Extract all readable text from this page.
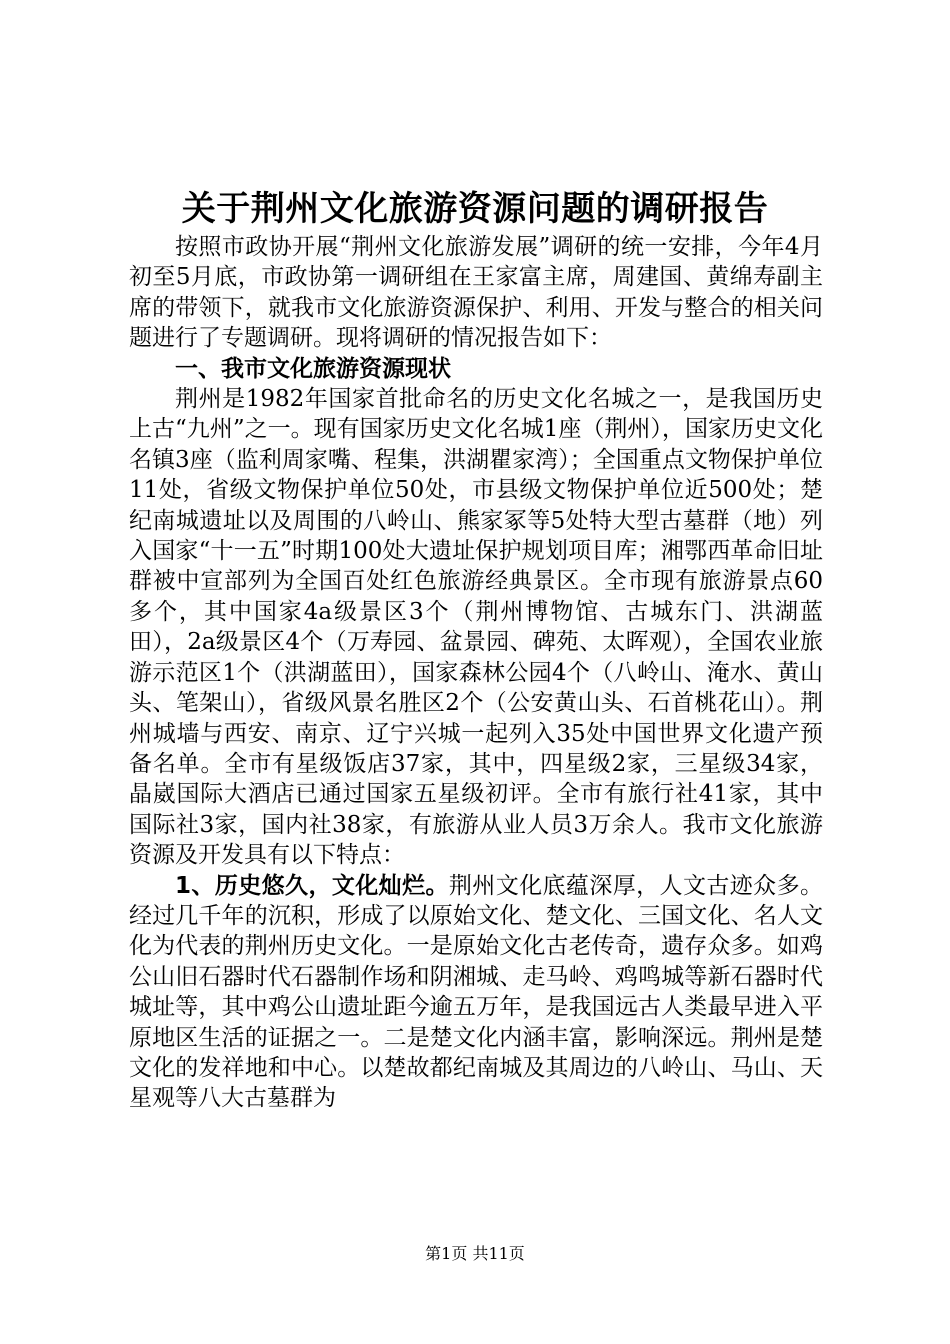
关于荆州文化旅游资源问题的调研报告

按照市政协开展“荆州文化旅游发展”调研的统一安排，今年4月初至5月底，市政协第一调研组在王家富主席，周建国、黄绵寿副主席的带领下，就我市文化旅游资源保护、利用、开发与整合的相关问题进行了专题调研。现将调研的情况报告如下：

一、我市文化旅游资源现状

荆州是1982年国家首批命名的历史文化名城之一，是我国历史上古“九州”之一。现有国家历史文化名城1座（荆州），国家历史文化名镇3座（监利周家嘴、程集，洪湖瞿家湾）；全国重点文物保护单位11处，省级文物保护单位50处，市县级文物保护单位近500处；楚纪南城遗址以及周围的八岭山、熊家冢等5处特大型古墓群（地）列入国家“十一五”时期100处大遗址保护规划项目库；湘鄂西革命旧址群被中宣部列为全国百处红色旅游经典景区。全市现有旅游景点60多个，其中国家4a级景区3个（荆州博物馆、古城东门、洪湖蓝田），2a级景区4个（万寿园、盆景园、碑苑、太晖观），全国农业旅游示范区1个（洪湖蓝田），国家森林公园4个（八岭山、淹水、黄山头、笔架山），省级风景名胜区2个（公安黄山头、石首桃花山）。荆州城墙与西安、南京、辽宁兴城一起列入35处中国世界文化遗产预备名单。全市有星级饭店37家，其中，四星级2家，三星级34家，晶崴国际大酒店已通过国家五星级初评。全市有旅行社41家，其中国际社3家，国内社38家，有旅游从业人员3万余人。我市文化旅游资源及开发具有以下特点：

1、历史悠久，文化灿烂。荆州文化底蕴深厚，人文古迹众多。经过几千年的沉积，形成了以原始文化、楚文化、三国文化、名人文化为代表的荆州历史文化。一是原始文化古老传奇，遗存众多。如鸡公山旧石器时代石器制作场和阴湘城、走马岭、鸡鸣城等新石器时代城址等，其中鸡公山遗址距今逾五万年，是我国远古人类最早进入平原地区生活的证据之一。二是楚文化内涵丰富，影响深远。荆州是楚文化的发祥地和中心。以楚故都纪南城及其周边的八岭山、马山、天星观等八大古墓群为

第1页 共11页
